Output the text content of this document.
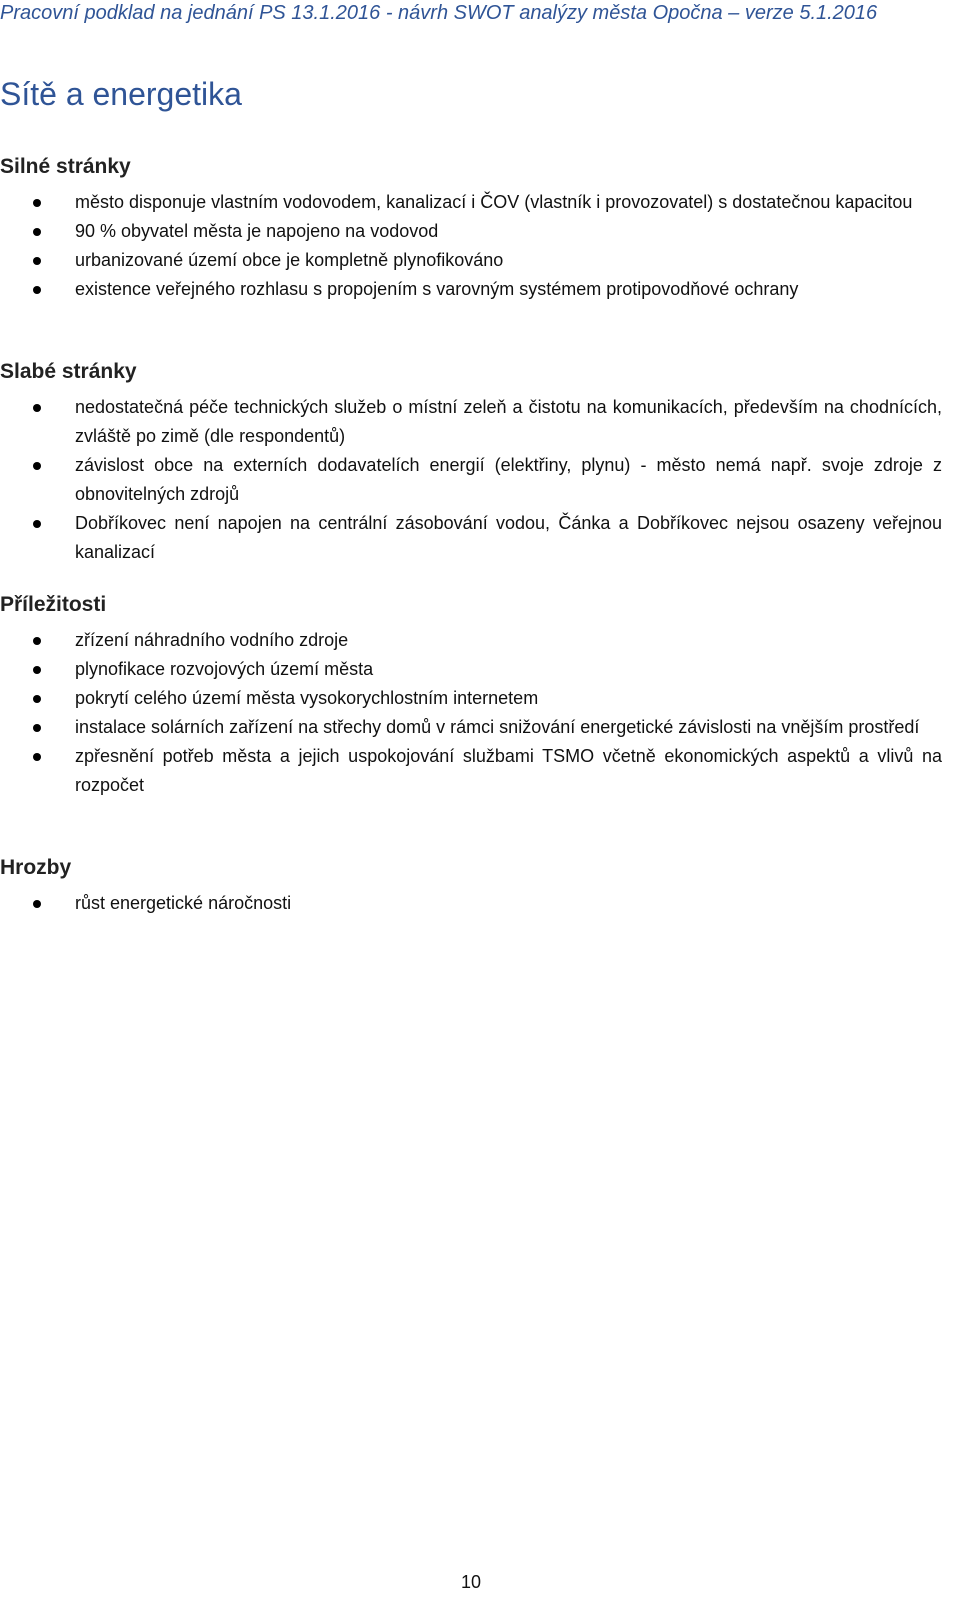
Pracovní podklad na jednání PS 13.1.2016 - návrh SWOT analýzy města Opočna – verze 5.1.2016
Sítě a energetika
Silné stránky
město disponuje vlastním vodovodem, kanalizací i ČOV (vlastník i provozovatel) s dostatečnou kapacitou
90 % obyvatel města je napojeno na vodovod
urbanizované území obce je kompletně plynofikováno
existence veřejného rozhlasu s propojením s varovným systémem protipovodňové ochrany
Slabé stránky
nedostatečná péče technických služeb o místní zeleň a čistotu na komunikacích, především na chodnících, zvláště po zimě (dle respondentů)
závislost obce na externích dodavatelích energií (elektřiny, plynu) - město nemá např. svoje zdroje z obnovitelných zdrojů
Dobříkovec není napojen na centrální zásobování vodou, Čánka a Dobříkovec nejsou osazeny veřejnou kanalizací
Příležitosti
zřízení náhradního vodního zdroje
plynofikace rozvojových území města
pokrytí celého území města vysokorychlostním internetem
instalace solárních zařízení na střechy domů v rámci snižování energetické závislosti na vnějším prostředí
zpřesnění potřeb města a jejich uspokojování službami TSMO včetně ekonomických aspektů a vlivů na rozpočet
Hrozby
růst energetické náročnosti
10
